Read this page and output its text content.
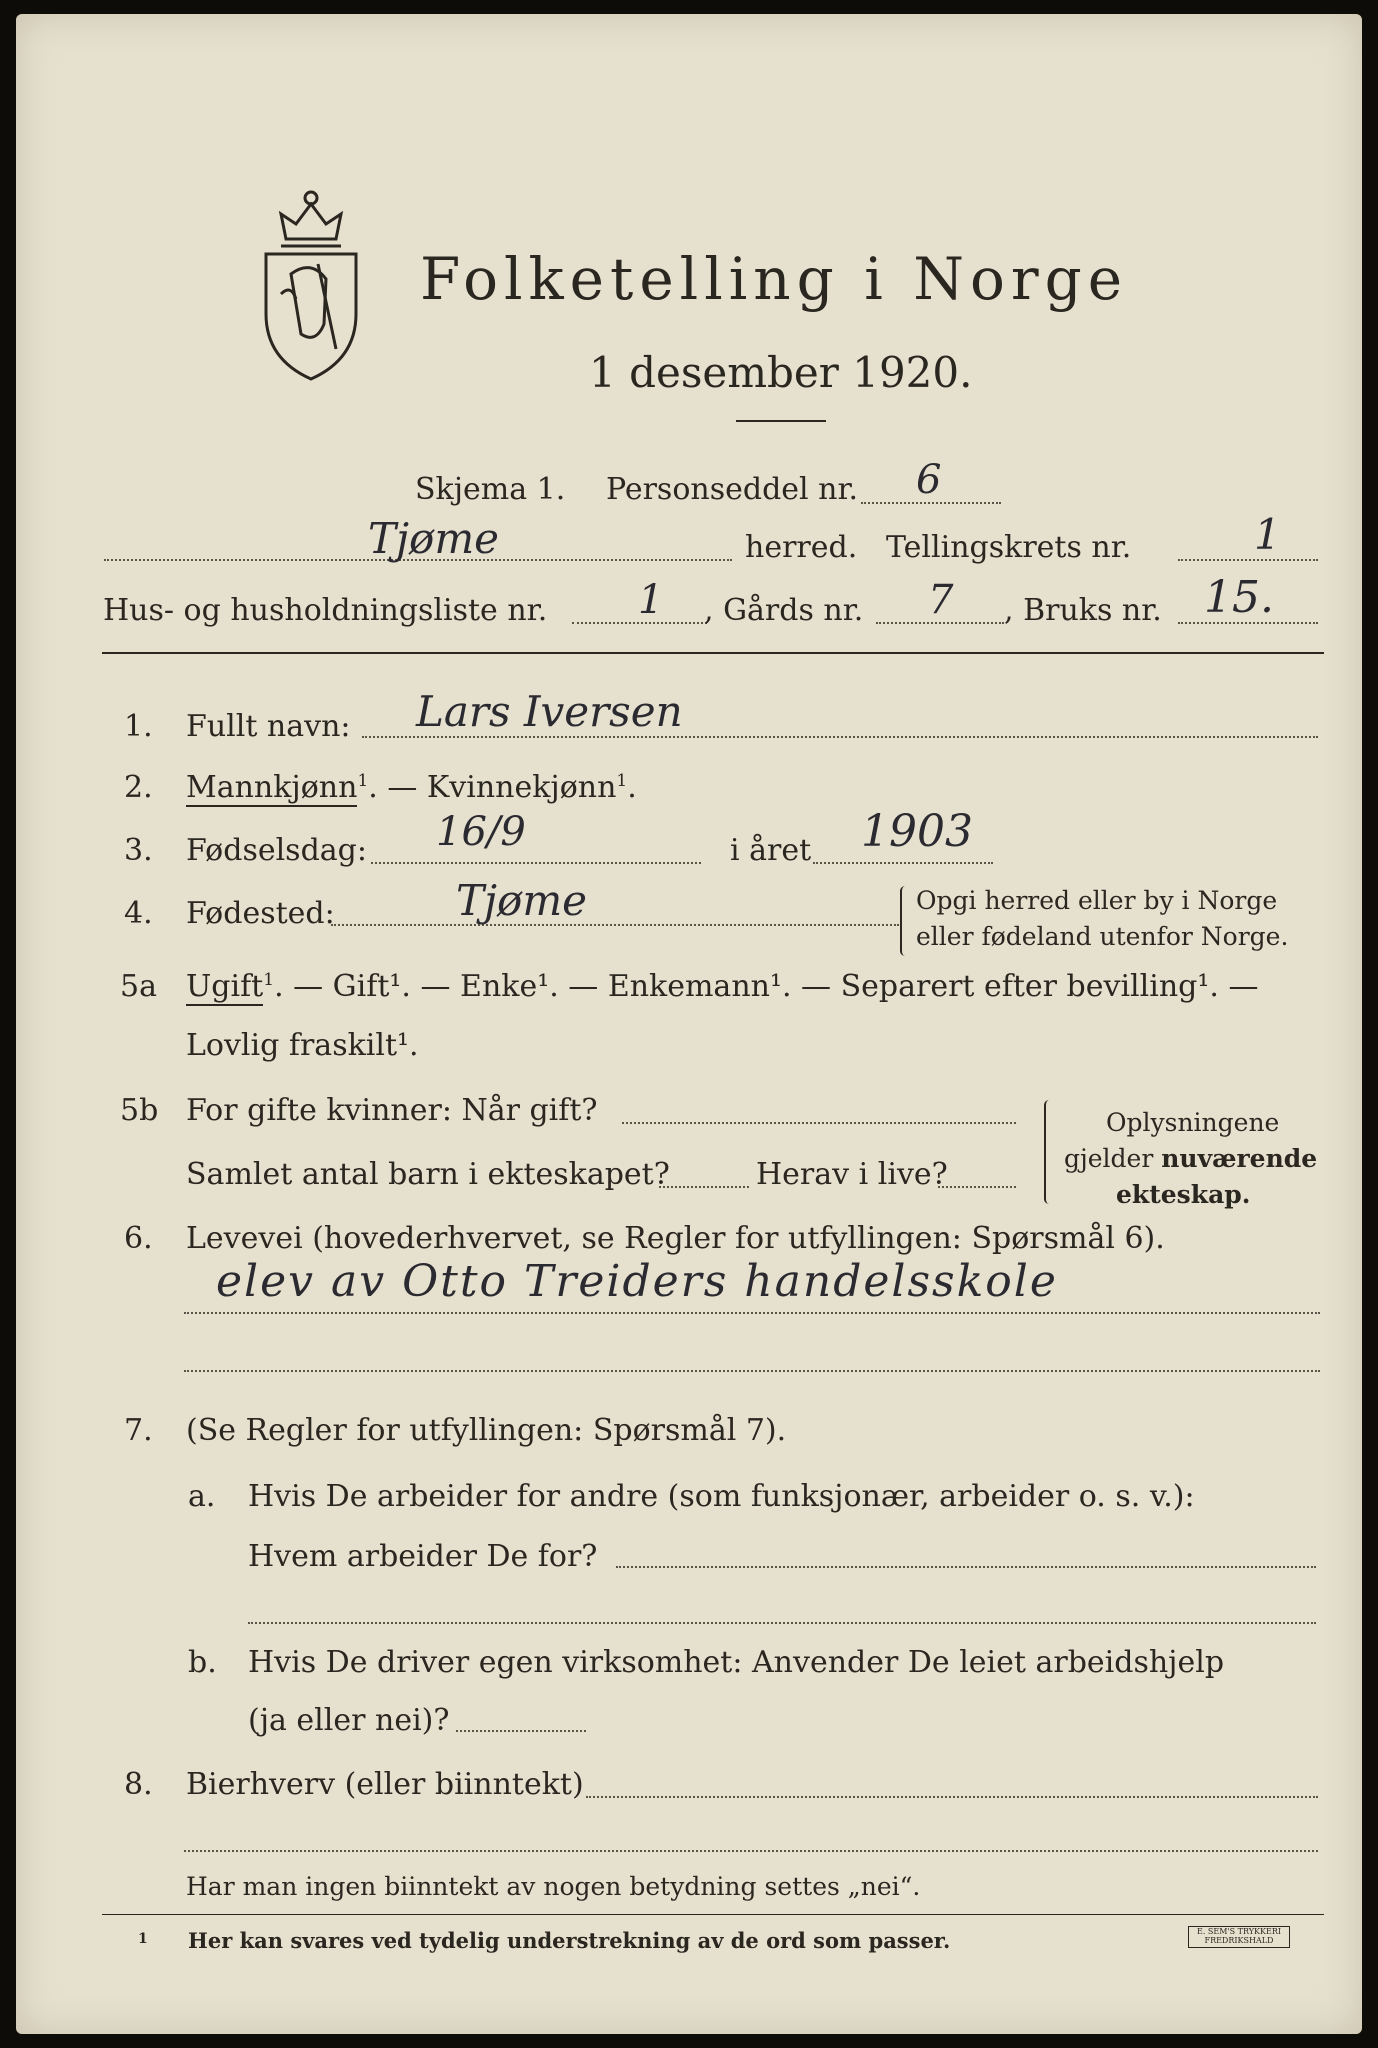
Folketelling i Norge
1 desember 1920.
Skjema 1. Personseddel nr. 6
Tjøme	herred. Tellingskrets nr.	1
Hus- og husholdningsliste nr. 1 , Gårds nr. 7 , Bruks nr. 15.
1. Fullt navn: Lars Iversen
2. Mannkjønn$^1$. — Kvinnekjønn$^1$.
3. Fødselsdag: 16/9	i året 1903
4. Fødested:	Tjøme	Opgi herred eller by i Norge
eller fødeland utenfor Norge.
5a Ugift$^1$. — Gift¹. — Enke¹. — Enkemann¹. — Separert efter bevilling¹. —
Lovlig fraskilt¹.
5b For gifte kvinner: Når gift?
Samlet antal barn i ekteskapet?	Herav i live?
Oplysningene
gjelder nuværende
ekteskap.
6. Levevei (hovederhvervet, se Regler for utfyllingen: Spørsmål 6).
elev av Otto Treiders handelsskole
7. (Se Regler for utfyllingen: Spørsmål 7).
a. Hvis De arbeider for andre (som funksjonær, arbeider o. s. v.):
Hvem arbeider De for?
b. Hvis De driver egen virksomhet: Anvender De leiet arbeidshjelp
(ja eller nei)?
8. Bierhverv (eller biinntekt)
Har man ingen biinntekt av nogen betydning settes „nei“.
1 Her kan svares ved tydelig understrekning av de ord som passer.	E. SEM'S TRYKKERI FREDRIKSHALD
